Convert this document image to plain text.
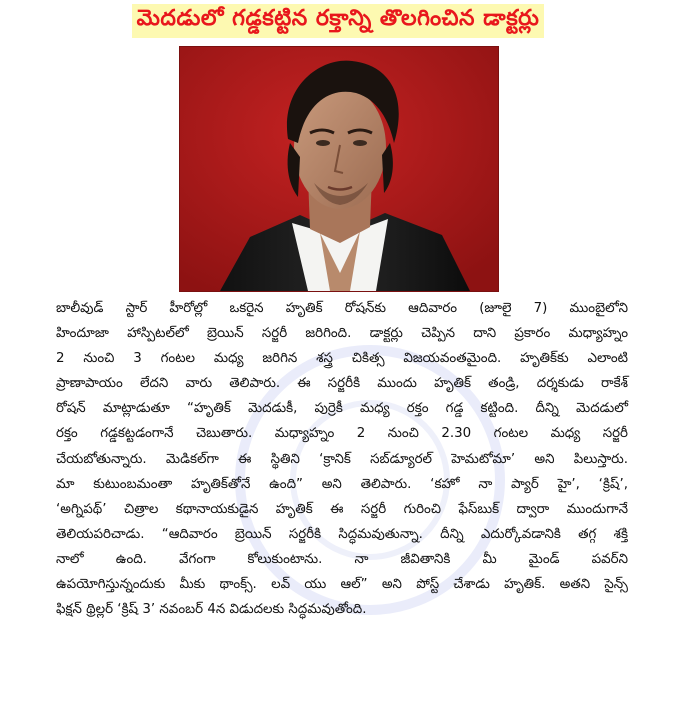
మెదడులో గడ్డకట్టిన రక్తాన్ని తొలగించిన డాక్టర్లు

బాలీవుడ్ స్టార్ హీరోల్లో ఒకరైన హృతిక్ రోషన్‌కు ఆదివారం (జూలై 7) ముంబైలోని

హిందూజా హాస్పిటల్‌లో బ్రెయిన్ సర్జరీ జరిగింది. డాక్టర్లు చెప్పిన దాని ప్రకారం మధ్యాహ్నం

2 నుంచి 3 గంటల మధ్య జరిగిన శస్త్ర చికిత్స విజయవంతమైంది. హృతిక్‌కు ఎలాంటి

ప్రాణాపాయం లేదని వారు తెలిపారు. ఈ సర్జరీకి ముందు హృతిక్ తండ్రి, దర్శకుడు రాకేశ్

రోషన్ మాట్లాడుతూ “హృతిక్ మెదడుకీ, పుర్రెకీ మధ్య రక్తం గడ్డ కట్టింది. దీన్ని మెదడులో

రక్తం గడ్డకట్టడంగానే చెబుతారు. మధ్యాహ్నం 2 నుంచి 2.30 గంటల మధ్య సర్జరీ

చేయబోతున్నారు. మెడికల్‌గా ఈ స్థితిని ‘క్రానిక్ సబ్‌డ్యూరల్ హెమటోమా’ అని పిలుస్తారు.

మా కుటుంబమంతా హృతిక్‌తోనే ఉంది” అని తెలిపారు. ‘కహో నా ప్యార్ హై’, ‘క్రిష్’,

‘అగ్నిపథ్’ చిత్రాల కథానాయకుడైన హృతిక్ ఈ సర్జరీ గురించి ఫేస్‌బుక్ ద్వారా ముందుగానే

తెలియపరిచాడు. “ఆదివారం బ్రెయిన్ సర్జరీకి సిద్ధమవుతున్నా. దీన్ని ఎదుర్కోవడానికి తగ్గ శక్తి

నాలో ఉంది. వేగంగా కోలుకుంటాను. నా జీవితానికి మీ మైండ్ పవర్‌ని

ఉపయోగిస్తున్నందుకు మీకు థాంక్స్. లవ్ యు ఆల్” అని పోస్ట్ చేశాడు హృతిక్. అతని సైన్స్

ఫిక్షన్ థ్రిల్లర్ ‘క్రిష్ 3’ నవంబర్ 4న విడుదలకు సిద్ధమవుతోంది.
